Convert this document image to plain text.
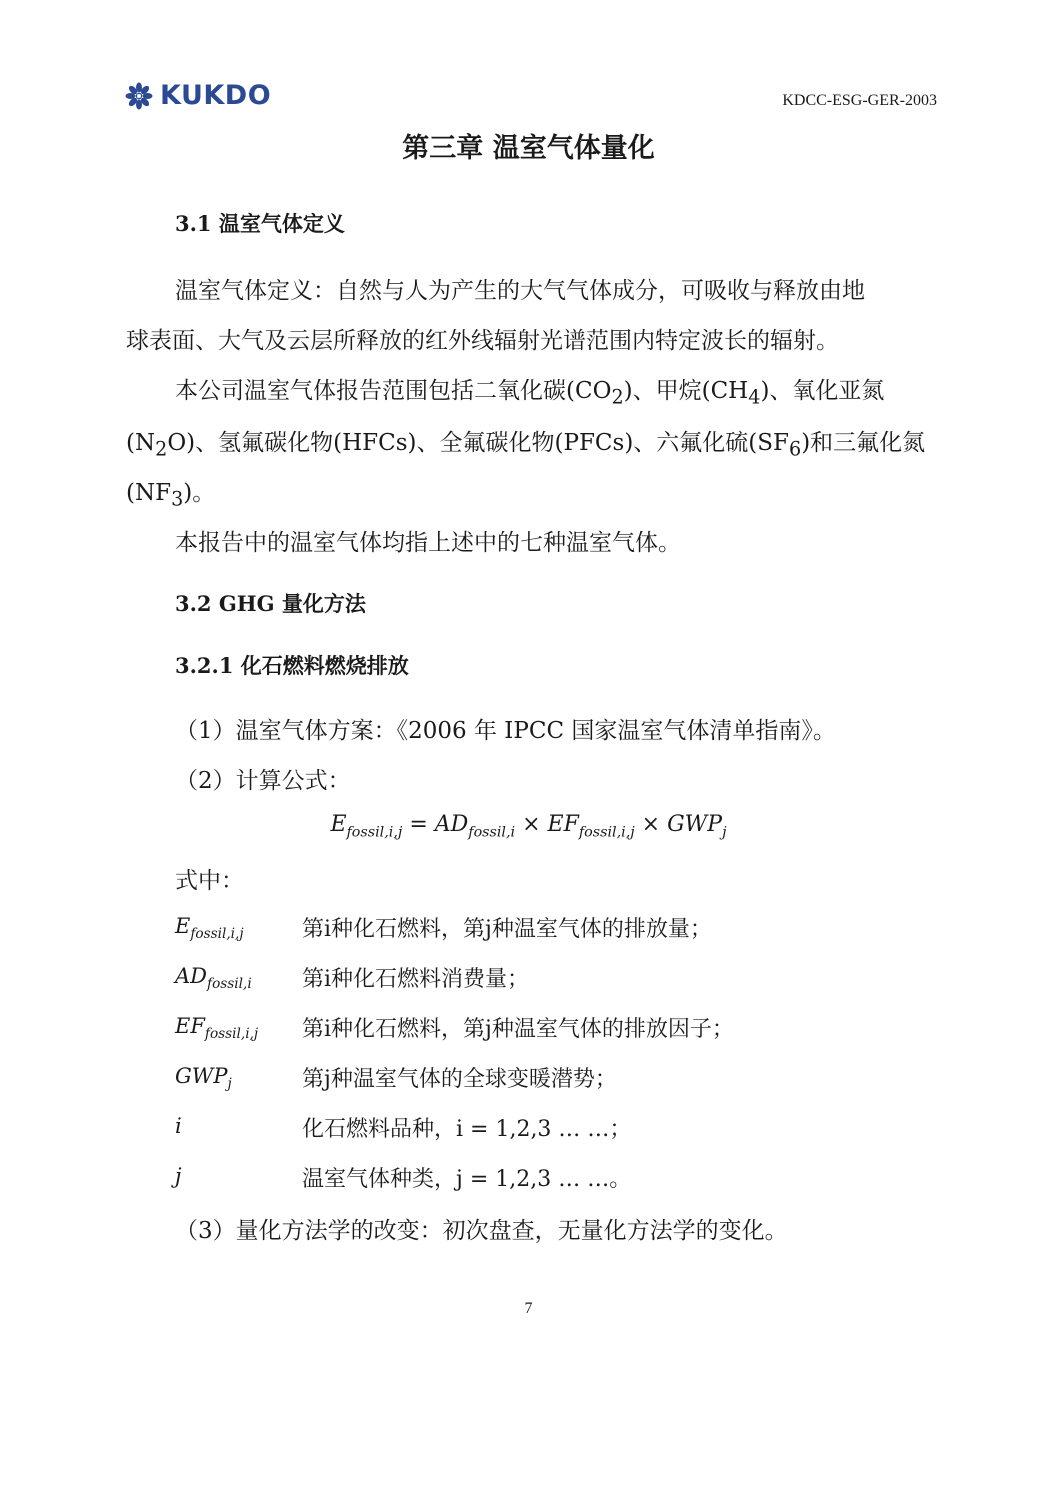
KUKDO	KDCC-ESG-GER-2003
第三章 温室气体量化
3.1 温室气体定义
温室气体定义：自然与人为产生的大气气体成分，可吸收与释放由地
球表面、大气及云层所释放的红外线辐射光谱范围内特定波长的辐射。
本公司温室气体报告范围包括二氧化碳$(CO_2)$、甲烷$(CH_4)$、氧化亚氮
$(N_2O)$、氢氟碳化物(HFCs)、全氟碳化物(PFCs)、六氟化硫$(SF_6)$和三氟化氮
$(NF_3)$。
本报告中的温室气体均指上述中的七种温室气体。
3.2 GHG 量化方法
3.2.1 化石燃料燃烧排放
（1）温室气体方案：《2006 年 IPCC 国家温室气体清单指南》。
（2）计算公式：
$E_{fossil,i,j} = AD_{fossil,i} \times EF_{fossil,i,j} \times GWP_j$
式中：
$E_{fossil,i,j}$	第i种化石燃料，第j种温室气体的排放量；
$AD_{fossil,i}$ 第i种化石燃料消费量；
$EF_{fossil,i,j}$ 第i种化石燃料，第j种温室气体的排放因子；
$GWP_j$	第j种温室气体的全球变暖潜势；
i	化石燃料品种，i = 1,2,3 … …；
j	温室气体种类，j = 1,2,3 … …。
（3）量化方法学的改变：初次盘查，无量化方法学的变化。
7
